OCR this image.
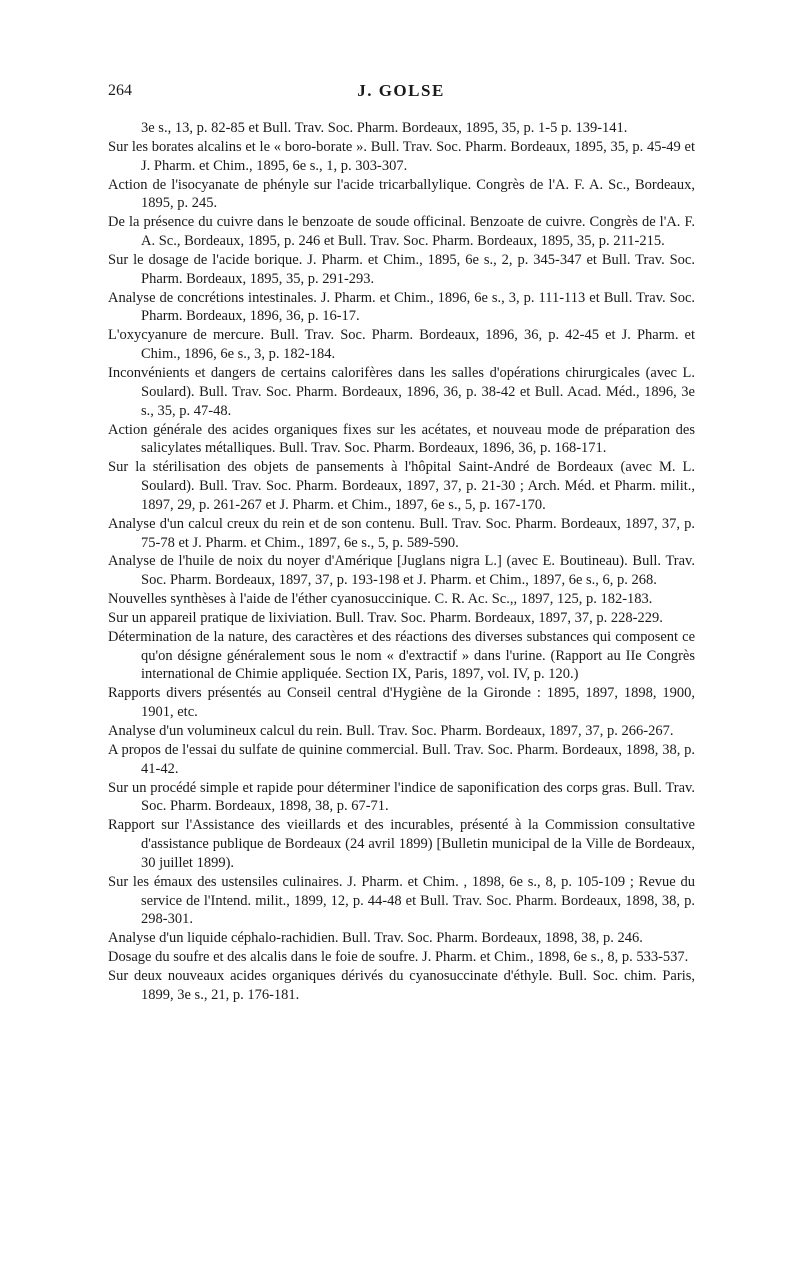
264	J. GOLSE

3e s., 13, p. 82-85 et Bull. Trav. Soc. Pharm. Bordeaux, 1895, 35, p. 1-5 p. 139-141.

Sur les borates alcalins et le « boro-borate ». Bull. Trav. Soc. Pharm. Bordeaux, 1895, 35, p. 45-49 et J. Pharm. et Chim., 1895, 6e s., 1, p. 303-307.

Action de l'isocyanate de phényle sur l'acide tricarballylique. Congrès de l'A. F. A. Sc., Bordeaux, 1895, p. 245.

De la présence du cuivre dans le benzoate de soude officinal. Benzoate de cuivre. Congrès de l'A. F. A. Sc., Bordeaux, 1895, p. 246 et Bull. Trav. Soc. Pharm. Bordeaux, 1895, 35, p. 211-215.

Sur le dosage de l'acide borique. J. Pharm. et Chim., 1895, 6e s., 2, p. 345-347 et Bull. Trav. Soc. Pharm. Bordeaux, 1895, 35, p. 291-293.

Analyse de concrétions intestinales. J. Pharm. et Chim., 1896, 6e s., 3, p. 111-113 et Bull. Trav. Soc. Pharm. Bordeaux, 1896, 36, p. 16-17.

L'oxycyanure de mercure. Bull. Trav. Soc. Pharm. Bordeaux, 1896, 36, p. 42-45 et J. Pharm. et Chim., 1896, 6e s., 3, p. 182-184.

Inconvénients et dangers de certains calorifères dans les salles d'opérations chirurgicales (avec L. Soulard). Bull. Trav. Soc. Pharm. Bordeaux, 1896, 36, p. 38-42 et Bull. Acad. Méd., 1896, 3e s., 35, p. 47-48.

Action générale des acides organiques fixes sur les acétates, et nouveau mode de préparation des salicylates métalliques. Bull. Trav. Soc. Pharm. Bordeaux, 1896, 36, p. 168-171.

Sur la stérilisation des objets de pansements à l'hôpital Saint-André de Bordeaux (avec M. L. Soulard). Bull. Trav. Soc. Pharm. Bordeaux, 1897, 37, p. 21-30 ; Arch. Méd. et Pharm. milit., 1897, 29, p. 261-267 et J. Pharm. et Chim., 1897, 6e s., 5, p. 167-170.

Analyse d'un calcul creux du rein et de son contenu. Bull. Trav. Soc. Pharm. Bordeaux, 1897, 37, p. 75-78 et J. Pharm. et Chim., 1897, 6e s., 5, p. 589-590.

Analyse de l'huile de noix du noyer d'Amérique [Juglans nigra L.] (avec E. Boutineau). Bull. Trav. Soc. Pharm. Bordeaux, 1897, 37, p. 193-198 et J. Pharm. et Chim., 1897, 6e s., 6, p. 268.

Nouvelles synthèses à l'aide de l'éther cyanosuccinique. C. R. Ac. Sc.,, 1897, 125, p. 182-183.

Sur un appareil pratique de lixiviation. Bull. Trav. Soc. Pharm. Bordeaux, 1897, 37, p. 228-229.

Détermination de la nature, des caractères et des réactions des diverses substances qui composent ce qu'on désigne généralement sous le nom « d'extractif » dans l'urine. (Rapport au IIe Congrès international de Chimie appliquée. Section IX, Paris, 1897, vol. IV, p. 120.)

Rapports divers présentés au Conseil central d'Hygiène de la Gironde : 1895, 1897, 1898, 1900, 1901, etc.

Analyse d'un volumineux calcul du rein. Bull. Trav. Soc. Pharm. Bordeaux, 1897, 37, p. 266-267.

A propos de l'essai du sulfate de quinine commercial. Bull. Trav. Soc. Pharm. Bordeaux, 1898, 38, p. 41-42.

Sur un procédé simple et rapide pour déterminer l'indice de saponification des corps gras. Bull. Trav. Soc. Pharm. Bordeaux, 1898, 38, p. 67-71.

Rapport sur l'Assistance des vieillards et des incurables, présenté à la Commission consultative d'assistance publique de Bordeaux (24 avril 1899) [Bulletin municipal de la Ville de Bordeaux, 30 juillet 1899).

Sur les émaux des ustensiles culinaires. J. Pharm. et Chim. , 1898, 6e s., 8, p. 105-109 ; Revue du service de l'Intend. milit., 1899, 12, p. 44-48 et Bull. Trav. Soc. Pharm. Bordeaux, 1898, 38, p. 298-301.

Analyse d'un liquide céphalo-rachidien. Bull. Trav. Soc. Pharm. Bordeaux, 1898, 38, p. 246.

Dosage du soufre et des alcalis dans le foie de soufre. J. Pharm. et Chim., 1898, 6e s., 8, p. 533-537.

Sur deux nouveaux acides organiques dérivés du cyanosuccinate d'éthyle. Bull. Soc. chim. Paris, 1899, 3e s., 21, p. 176-181.
